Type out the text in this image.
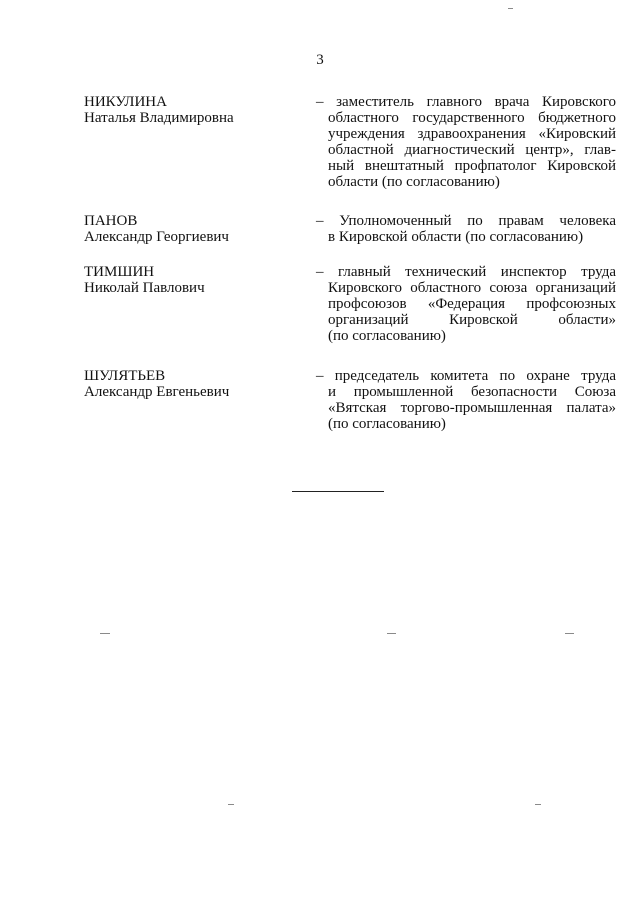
3
НИКУЛИНА
Наталья Владимировна
– заместитель главного врача Кировского
областного государственного бюджетного
учреждения здравоохранения «Кировский
областной диагностический центр», глав-
ный внештатный профпатолог Кировской
области (по согласованию)
ПАНОВ
Александр Георгиевич
– Уполномоченный по правам человека
в Кировской области (по согласованию)
ТИМШИН
Николай Павлович
– главный технический инспектор труда
Кировского областного союза организаций
профсоюзов «Федерация профсоюзных
организаций Кировской области»
(по согласованию)
ШУЛЯТЬЕВ
Александр Евгеньевич
– председатель комитета по охране труда
и промышленной безопасности Союза
«Вятская торгово-промышленная палата»
(по согласованию)
